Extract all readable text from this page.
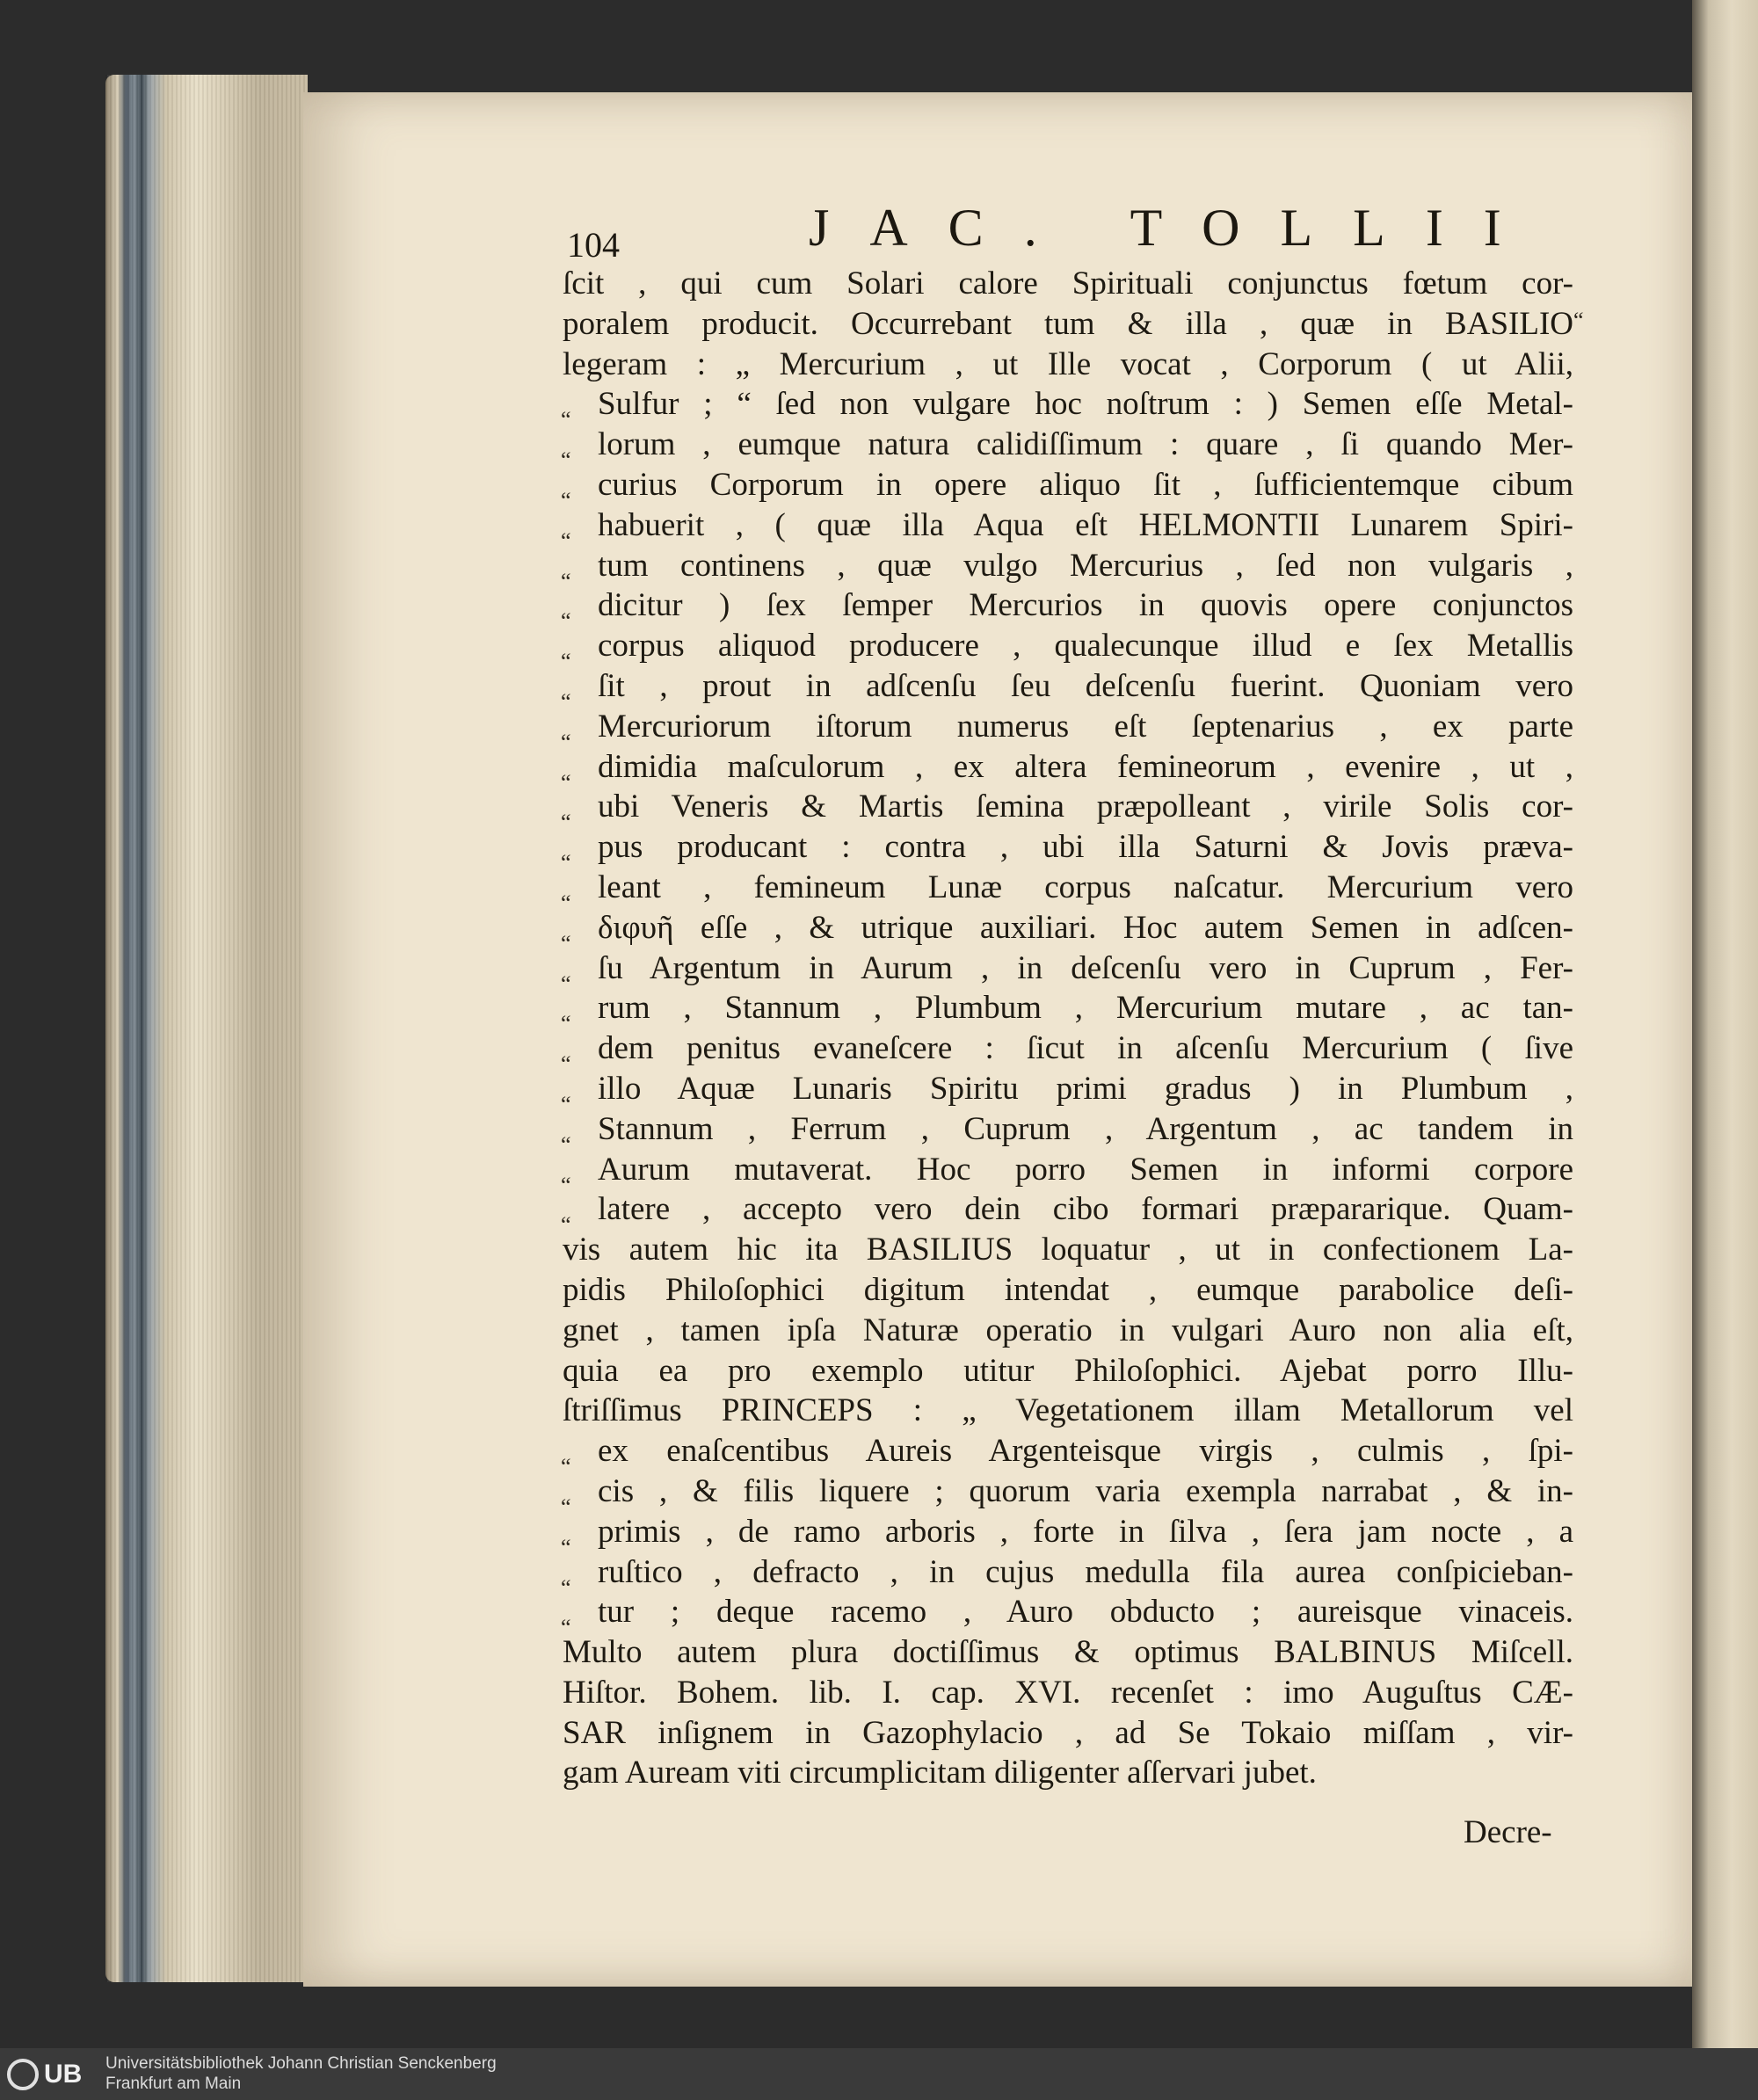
104	JAC. TOLLII
“
ſcit , qui cum Solari calore Spirituali conjunctus fœtum cor-
poralem producit. Occurrebant tum & illa , quæ in BASILIO
legeram : „ Mercurium , ut Ille vocat , Corporum ( ut Alii,
“ Sulfur ; “ ſed non vulgare hoc noſtrum : ) Semen eſſe Metal-
“ lorum , eumque natura calidiſſimum : quare , ſi quando Mer-
“ curius Corporum in opere aliquo ſit , ſufficientemque cibum
“ habuerit , ( quæ illa Aqua eſt HELMONTII Lunarem Spiri-
“ tum continens , quæ vulgo Mercurius , ſed non vulgaris ,
“ dicitur ) ſex ſemper Mercurios in quovis opere conjunctos
“ corpus aliquod producere , qualecunque illud e ſex Metallis
“ ſit , prout in adſcenſu ſeu deſcenſu fuerint. Quoniam vero
“ Mercuriorum iſtorum numerus eſt ſeptenarius , ex parte
“ dimidia maſculorum , ex altera femineorum , evenire , ut ,
“ ubi Veneris & Martis ſemina præpolleant , virile Solis cor-
“ pus producant : contra , ubi illa Saturni & Jovis præva-
“ leant , femineum Lunæ corpus naſcatur. Mercurium vero
“ διφυῆ eſſe , & utrique auxiliari. Hoc autem Semen in adſcen-
“ ſu Argentum in Aurum , in deſcenſu vero in Cuprum , Fer-
“ rum , Stannum , Plumbum , Mercurium mutare , ac tan-
“ dem penitus evaneſcere : ſicut in aſcenſu Mercurium ( ſive
“ illo Aquæ Lunaris Spiritu primi gradus ) in Plumbum ,
“ Stannum , Ferrum , Cuprum , Argentum , ac tandem in
“ Aurum mutaverat. Hoc porro Semen in informi corpore
“ latere , accepto vero dein cibo formari præparariquе. Quam-
vis autem hic ita BASILIUS loquatur , ut in confectionem La-
pidis Philoſophici digitum intendat , eumque parabolice deſi-
gnet , tamen ipſa Naturæ operatio in vulgari Auro non alia eſt,
quia ea pro exemplo utitur Philoſophici. Ajebat porro Illu-
ſtriſſimus PRINCEPS : „ Vegetationem illam Metallorum vel
“ ex enaſcentibus Aureis Argenteisque virgis , culmis , ſpi-
“ cis , & filis liquere ; quorum varia exempla narrabat , & in-
“ primis , de ramo arboris , forte in ſilva , ſera jam nocte , a
“ ruſtico , defracto , in cujus medulla fila aurea conſpicieban-
“ tur ; deque racemo , Auro obducto ; aureisque vinaceis.
Multo autem plura doctiſſimus & optimus BALBINUS Miſcell.
Hiſtor. Bohem. lib. I. cap. XVI. recenſet : imo Auguſtus CÆ-
SAR inſignem in Gazophylacio , ad Se Tokaio miſſam , vir-
gam Auream viti circumplicitam diligenter aſſervari jubet.
Decre-
UB Universitätsbibliothek Johann Christian Senckenberg
Frankfurt am Main
